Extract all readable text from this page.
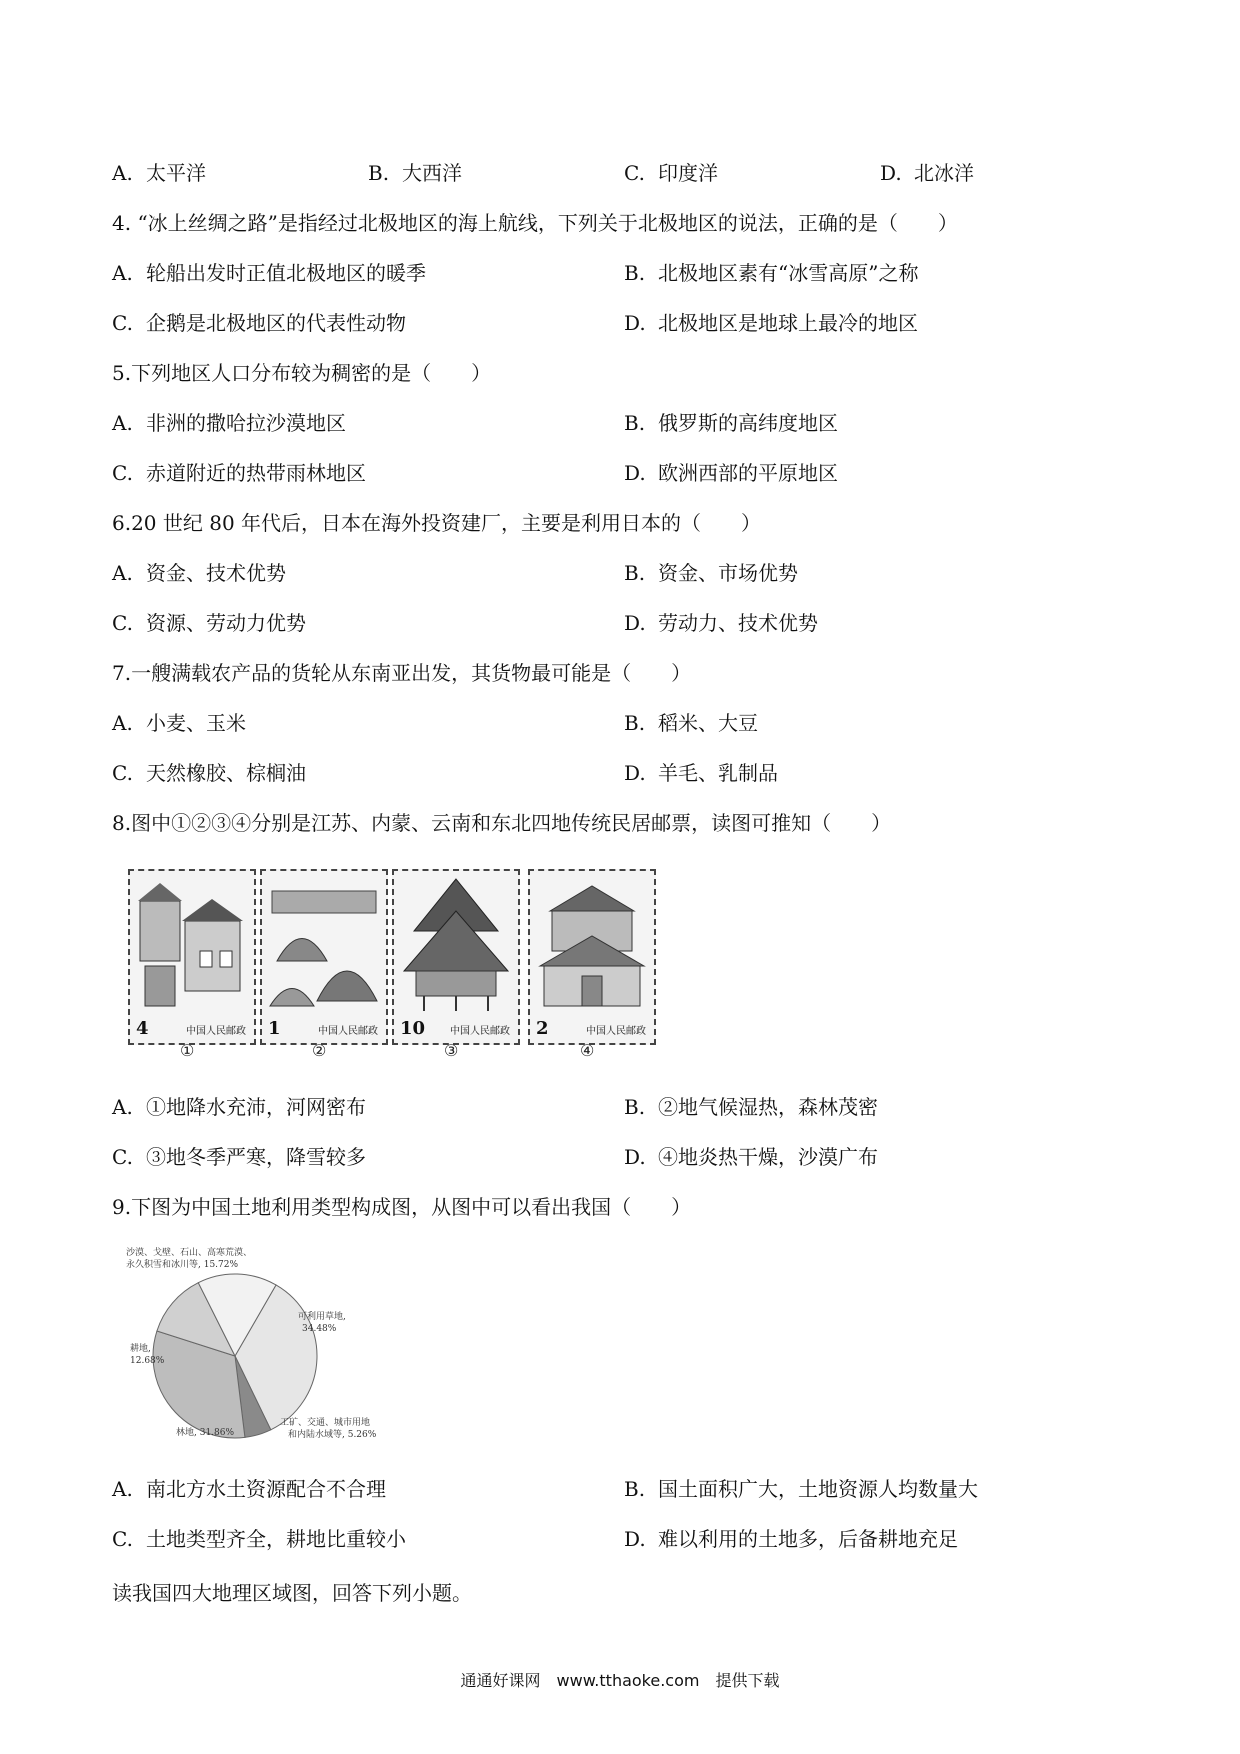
A. 太平洋	B. 大西洋	C. 印度洋	D. 北冰洋
4. “冰上丝绸之路”是指经过北极地区的海上航线，下列关于北极地区的说法，正确的是（　　）
A. 轮船出发时正值北极地区的暖季	B. 北极地区素有“冰雪高原”之称
C. 企鹅是北极地区的代表性动物	D. 北极地区是地球上最冷的地区
5.下列地区人口分布较为稠密的是（　　）
A. 非洲的撒哈拉沙漠地区	B. 俄罗斯的高纬度地区
C. 赤道附近的热带雨林地区	D. 欧洲西部的平原地区
6.20 世纪 80 年代后，日本在海外投资建厂，主要是利用日本的（　　）
A. 资金、技术优势	B. 资金、市场优势
C. 资源、劳动力优势	D. 劳动力、技术优势
7.一艘满载农产品的货轮从东南亚出发，其货物最可能是（　　）
A. 小麦、玉米	B. 稻米、大豆
C. 天然橡胶、棕榈油	D. 羊毛、乳制品
8.图中①②③④分别是江苏、内蒙、云南和东北四地传统民居邮票，读图可推知（　　）
4	中国人民邮政
①
1	中国人民邮政
②
10 中国人民邮政
③
2	中国人民邮政
④
A. ①地降水充沛，河网密布	B. ②地气候湿热，森林茂密
C. ③地冬季严寒，降雪较多	D. ④地炎热干燥，沙漠广布
9.下图为中国土地利用类型构成图，从图中可以看出我国（　　）
沙漠、戈壁、石山、高寒荒漠、
永久积雪和冰川等, 15.72%
可利用草地,
34.48%
耕地,
12.68%
林地, 31.86%
工矿、交通、城市用地
和内陆水域等, 5.26%
A. 南北方水土资源配合不合理	B. 国土面积广大，土地资源人均数量大
C. 土地类型齐全，耕地比重较小	D. 难以利用的土地多，后备耕地充足
读我国四大地理区域图，回答下列小题。
通通好课网　www.tthaoke.com　提供下载
